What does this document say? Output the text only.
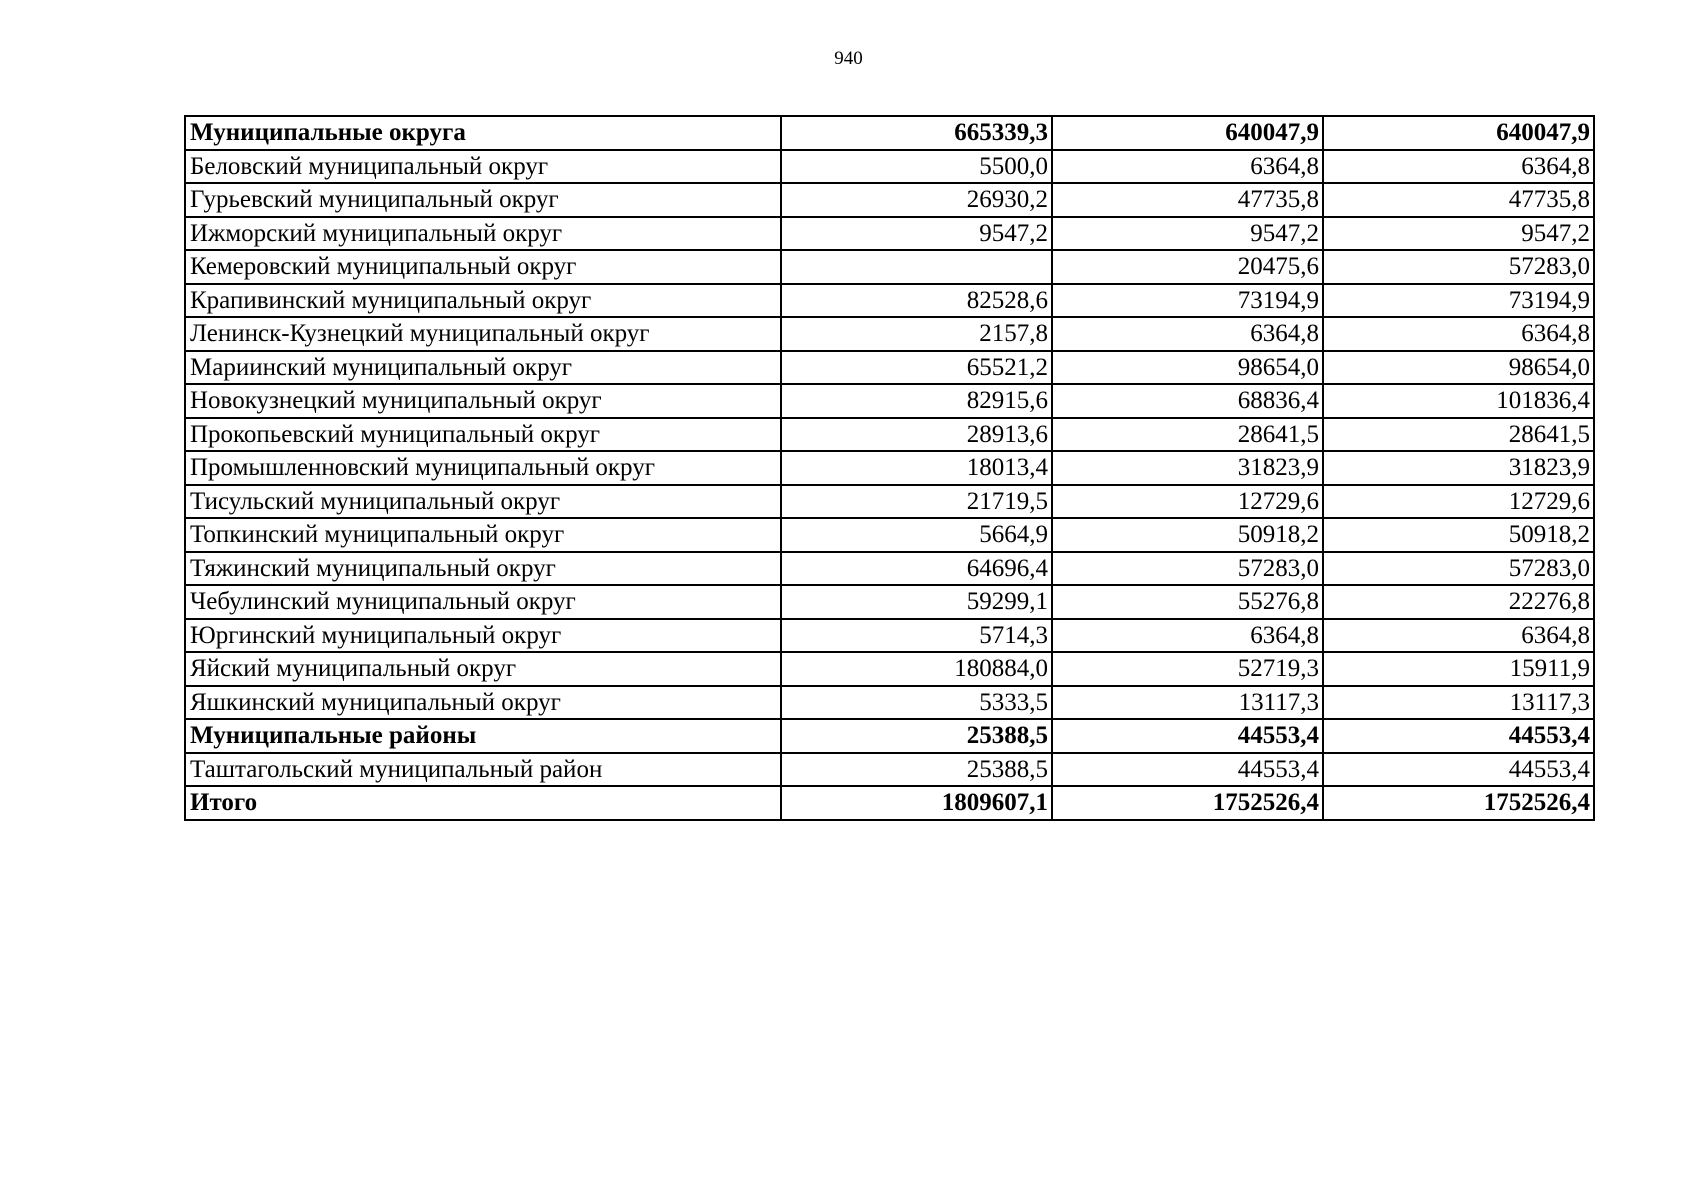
940
Муниципальные округа	665339,3	640047,9	640047,9
Беловский муниципальный округ	5500,0	6364,8	6364,8
Гурьевский муниципальный округ	26930,2	47735,8	47735,8
Ижморский муниципальный округ	9547,2	9547,2	9547,2
Кемеровский муниципальный округ		20475,6	57283,0
Крапивинский муниципальный округ	82528,6	73194,9	73194,9
Ленинск-Кузнецкий муниципальный округ	2157,8	6364,8	6364,8
Мариинский муниципальный округ	65521,2	98654,0	98654,0
Новокузнецкий муниципальный округ	82915,6	68836,4	101836,4
Прокопьевский муниципальный округ	28913,6	28641,5	28641,5
Промышленновский муниципальный округ	18013,4	31823,9	31823,9
Тисульский муниципальный округ	21719,5	12729,6	12729,6
Топкинский муниципальный округ	5664,9	50918,2	50918,2
Тяжинский муниципальный округ	64696,4	57283,0	57283,0
Чебулинский муниципальный округ	59299,1	55276,8	22276,8
Юргинский муниципальный округ	5714,3	6364,8	6364,8
Яйский муниципальный округ	180884,0	52719,3	15911,9
Яшкинский муниципальный округ	5333,5	13117,3	13117,3
Муниципальные районы	25388,5	44553,4	44553,4
Таштагольский муниципальный район	25388,5	44553,4	44553,4
Итого	1809607,1	1752526,4	1752526,4
